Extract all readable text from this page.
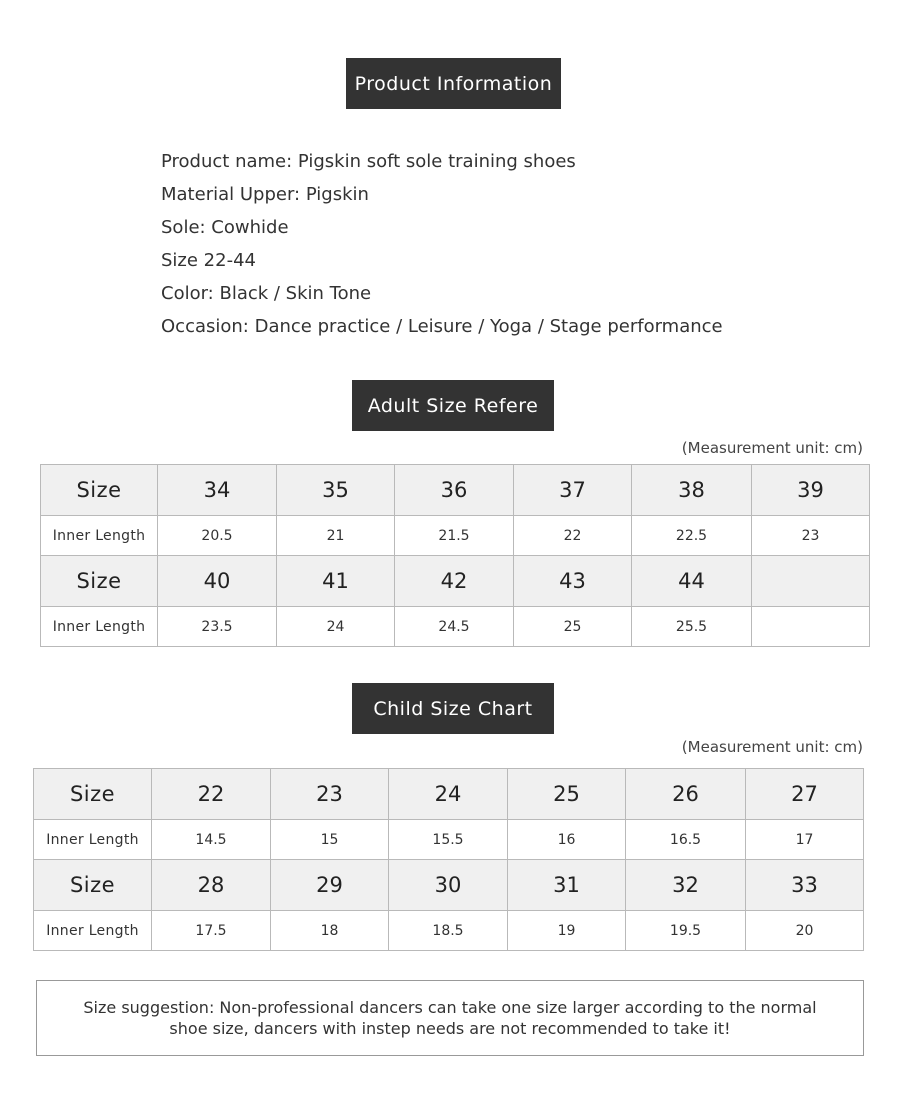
Product Information
Product name: Pigskin soft sole training shoes
Material Upper: Pigskin
Sole: Cowhide
Size 22-44
Color: Black / Skin Tone
Occasion: Dance practice / Leisure / Yoga / Stage performance
Adult Size Refere
(Measurement unit: cm)
Size	34	35	36	37	38	39
Inner Length	20.5	21	21.5	22	22.5	23
Size	40	41	42	43	44	
Inner Length	23.5	24	24.5	25	25.5	
Child Size Chart
(Measurement unit: cm)
Size	22	23	24	25	26	27
Inner Length	14.5	15	15.5	16	16.5	17
Size	28	29	30	31	32	33
Inner Length	17.5	18	18.5	19	19.5	20
Size suggestion: Non-professional dancers can take one size larger according to the normal
shoe size, dancers with instep needs are not recommended to take it!
